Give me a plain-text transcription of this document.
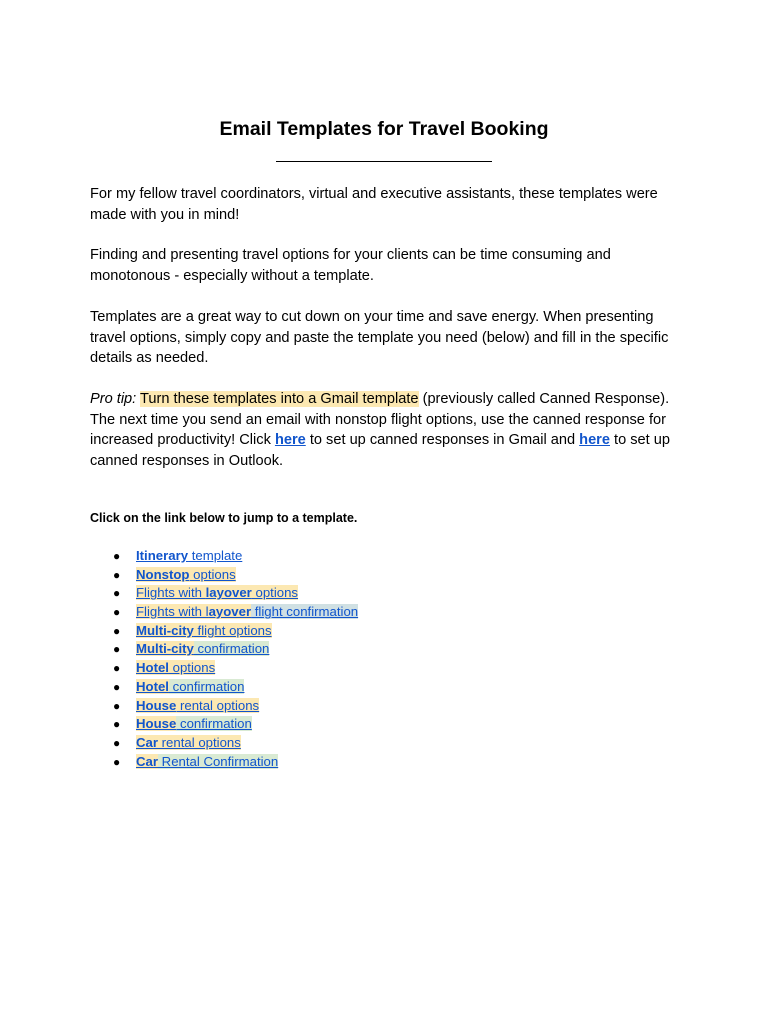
Email Templates for Travel Booking

For my fellow travel coordinators, virtual and executive assistants, these templates were made with you in mind!

Finding and presenting travel options for your clients can be time consuming and monotonous - especially without a template.

Templates are a great way to cut down on your time and save energy. When presenting travel options, simply copy and paste the template you need (below) and fill in the specific details as needed.

Pro tip: Turn these templates into a Gmail template (previously called Canned Response). The next time you send an email with nonstop flight options, use the canned response for increased productivity! Click here to set up canned responses in Gmail and here to set up canned responses in Outlook.

Click on the link below to jump to a template.
● Itinerary template
● Nonstop options
● Flights with layover options
● Flights with layover flight confirmation
● Multi-city flight options
● Multi-city confirmation
● Hotel options
● Hotel confirmation
● House rental options
● House confirmation
● Car rental options
● Car Rental Confirmation
